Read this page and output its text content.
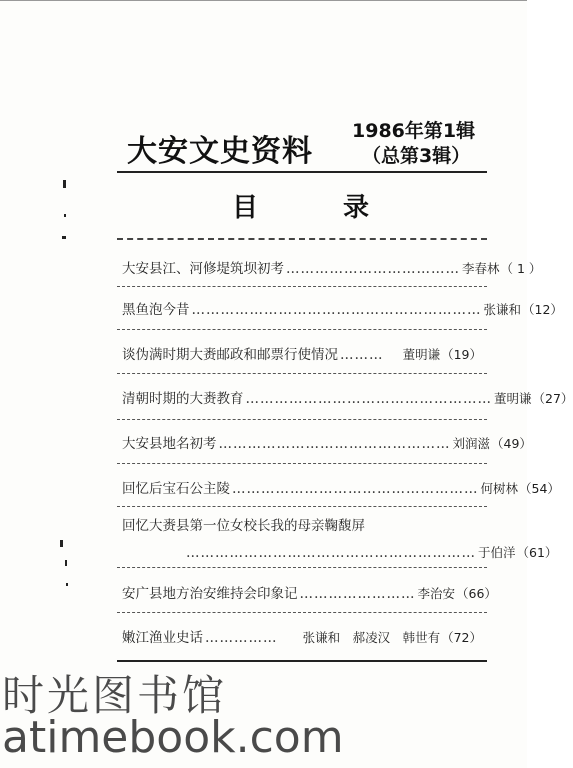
大安文史资料
1986年第1辑
（总第3辑）
目	录
大安县江、河修堤筑坝初考 ……………………………… 李春林 （ 1 ）
黑鱼泡今昔 …………………………………………………… 张谦和 （12）
谈伪满时期大赉邮政和邮票行使情况 ………	董明谦 （19）
清朝时期的大赉教育 …………………………………………… 董明谦 （27）
大安县地名初考 ………………………………………… 刘润滋 （49）
回忆后宝石公主陵 …………………………………………… 何树林 （54）
回忆大赉县第一位女校长我的母亲鞠馥屏
…………………………………………………… 于伯洋 （61）
安广县地方治安维持会印象记 …………………… 李治安 （66）
嫩江渔业史话 ……………	张谦和　郝凌汉　韩世有 （72）
时光图书馆
atimebook.com
